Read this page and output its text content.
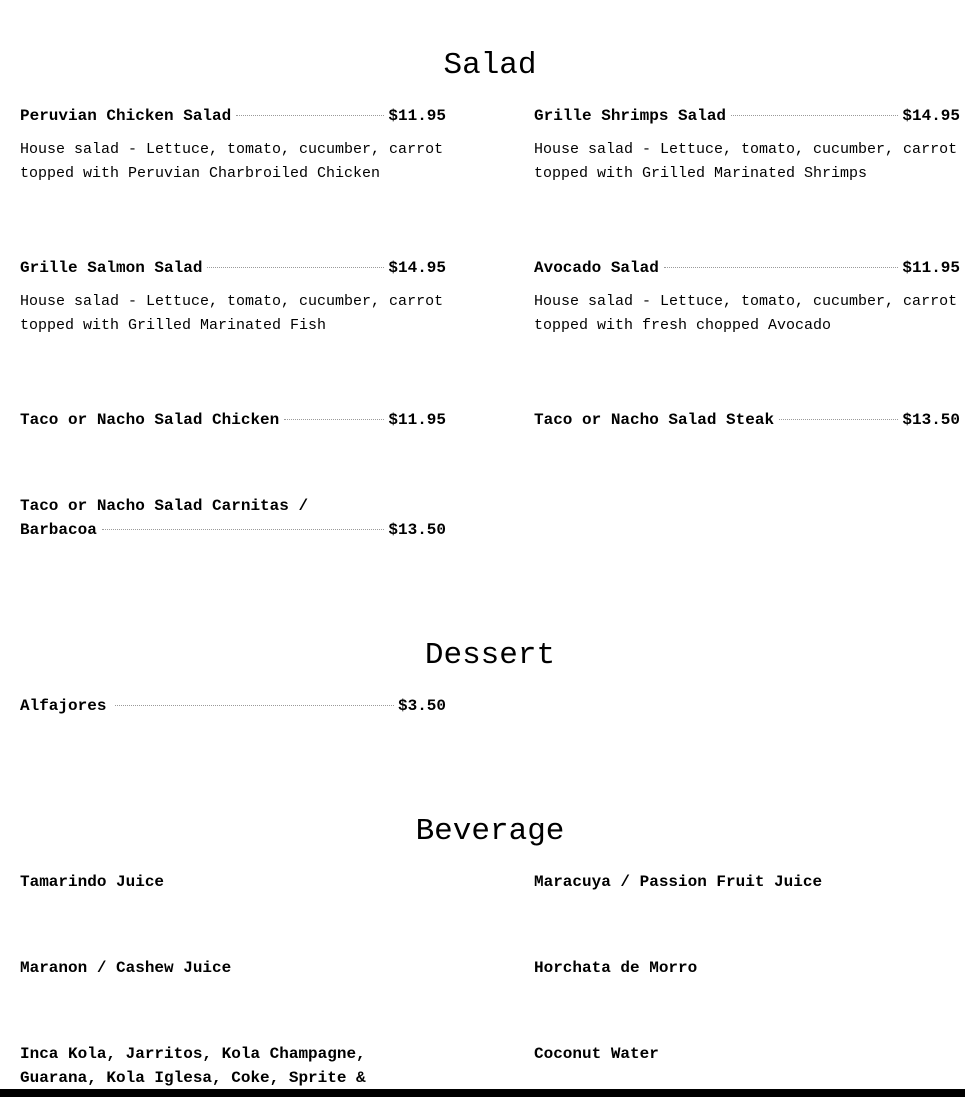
Salad
Peruvian Chicken Salad	$11.95
House salad - Lettuce, tomato, cucumber, carrot
topped with Peruvian Charbroiled Chicken
Grille Shrimps Salad	$14.95
House salad - Lettuce, tomato, cucumber, carrot
topped with Grilled Marinated Shrimps
Grille Salmon Salad	$14.95
House salad - Lettuce, tomato, cucumber, carrot
topped with Grilled Marinated Fish
Avocado Salad	$11.95
House salad - Lettuce, tomato, cucumber, carrot
topped with fresh chopped Avocado
Taco or Nacho Salad Chicken	$11.95	Taco or Nacho Salad Steak	$13.50
Taco or Nacho Salad Carnitas /
Barbacoa	$13.50
Dessert
Alfajores	$3.50
Beverage
Tamarindo Juice	Maracuya / Passion Fruit Juice
Maranon / Cashew Juice	Horchata de Morro
Inca Kola, Jarritos, Kola Champagne,
Guarana, Kola Iglesa, Coke, Sprite &
Coconut Water
